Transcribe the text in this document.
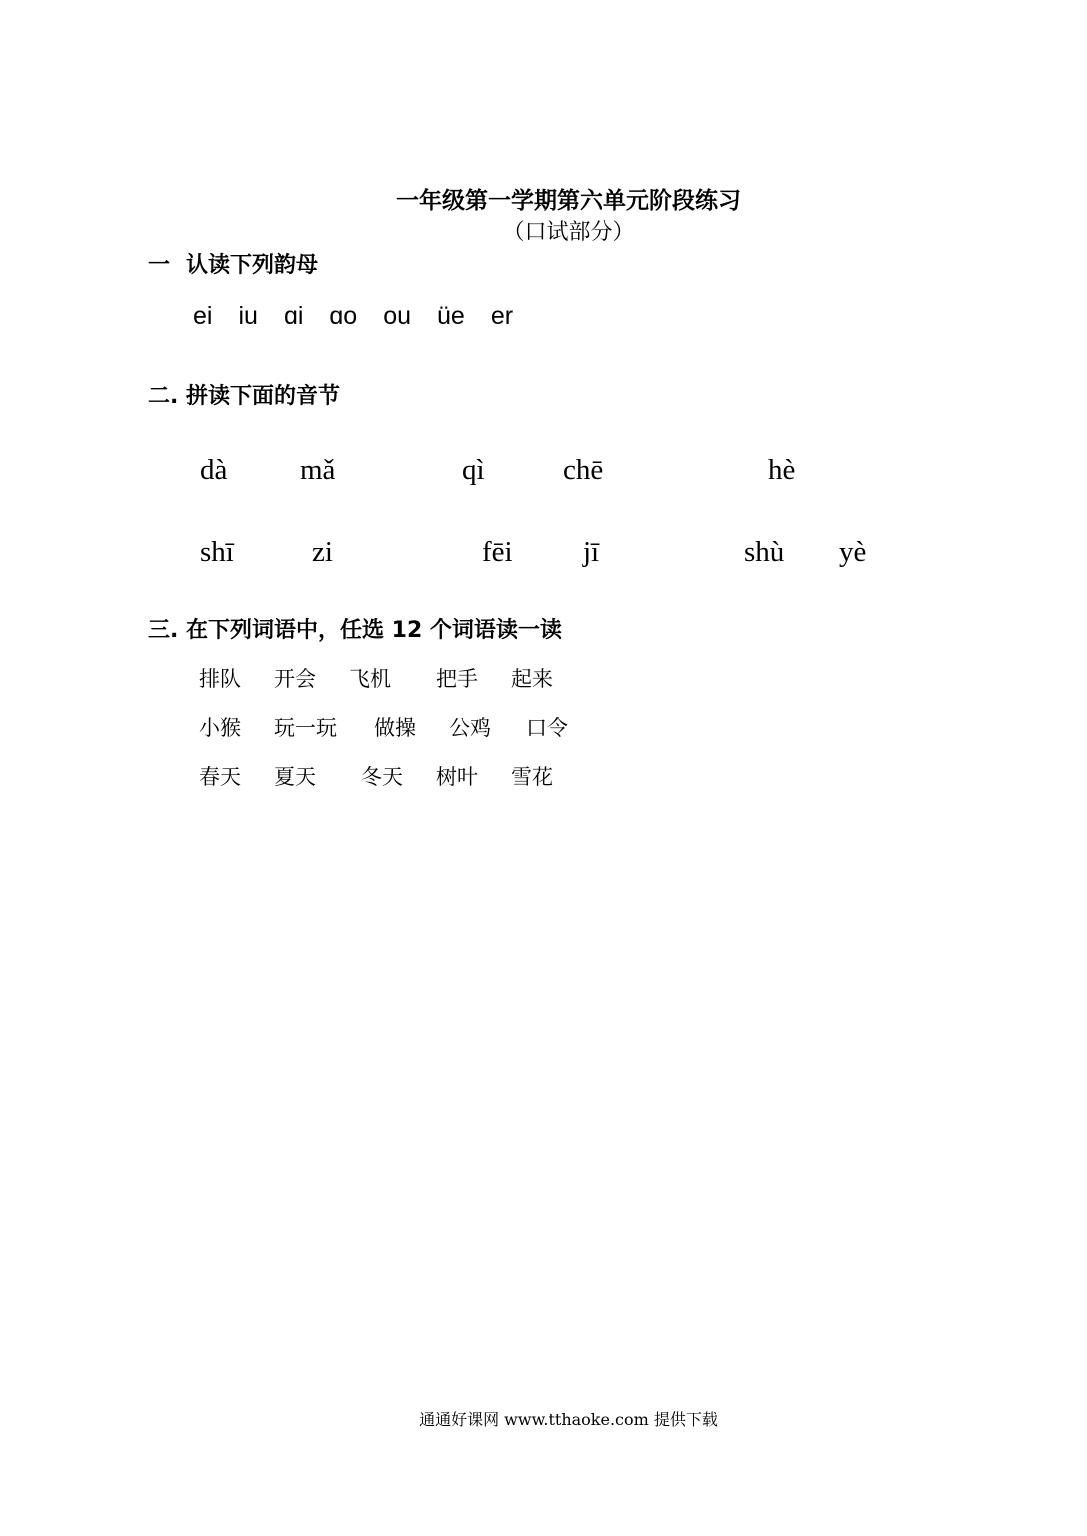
一年级第一学期第六单元阶段练习
（口试部分）
一 认读下列韵母
ei iu ɑi ɑo ou üe er
二. 拼读下面的音节
dà	mǎ	qì	chē	hè
shī	zi	fēi jī	shù yè
三. 在下列词语中，任选 12 个词语读一读
排队 开会 飞机 把手 起来
小猴 玩一玩 做操 公鸡 口令
春天 夏天 冬天 树叶 雪花
通通好课网 www.tthaoke.com 提供下载
